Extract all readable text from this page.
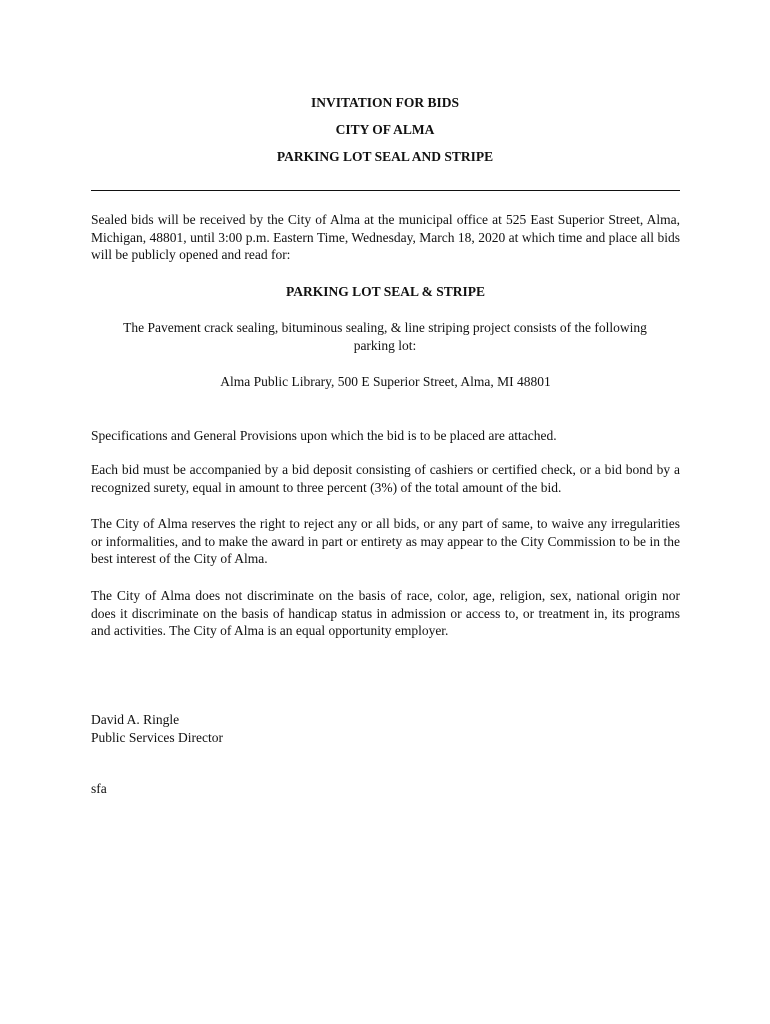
INVITATION FOR BIDS
CITY OF ALMA
PARKING LOT SEAL AND STRIPE
Sealed bids will be received by the City of Alma at the municipal office at 525 East Superior Street, Alma, Michigan, 48801, until 3:00 p.m. Eastern Time, Wednesday, March 18, 2020 at which time and place all bids will be publicly opened and read for:
PARKING LOT SEAL & STRIPE
The Pavement crack sealing, bituminous sealing, & line striping project consists of the following parking lot:
Alma Public Library, 500 E Superior Street, Alma, MI 48801
Specifications and General Provisions upon which the bid is to be placed are attached.
Each bid must be accompanied by a bid deposit consisting of cashiers or certified check, or a bid bond by a recognized surety, equal in amount to three percent (3%) of the total amount of the bid.
The City of Alma reserves the right to reject any or all bids, or any part of same, to waive any irregularities or informalities, and to make the award in part or entirety as may appear to the City Commission to be in the best interest of the City of Alma.
The City of Alma does not discriminate on the basis of race, color, age, religion, sex, national origin nor does it discriminate on the basis of handicap status in admission or access to, or treatment in, its programs and activities. The City of Alma is an equal opportunity employer.
David A. Ringle
Public Services Director
sfa
